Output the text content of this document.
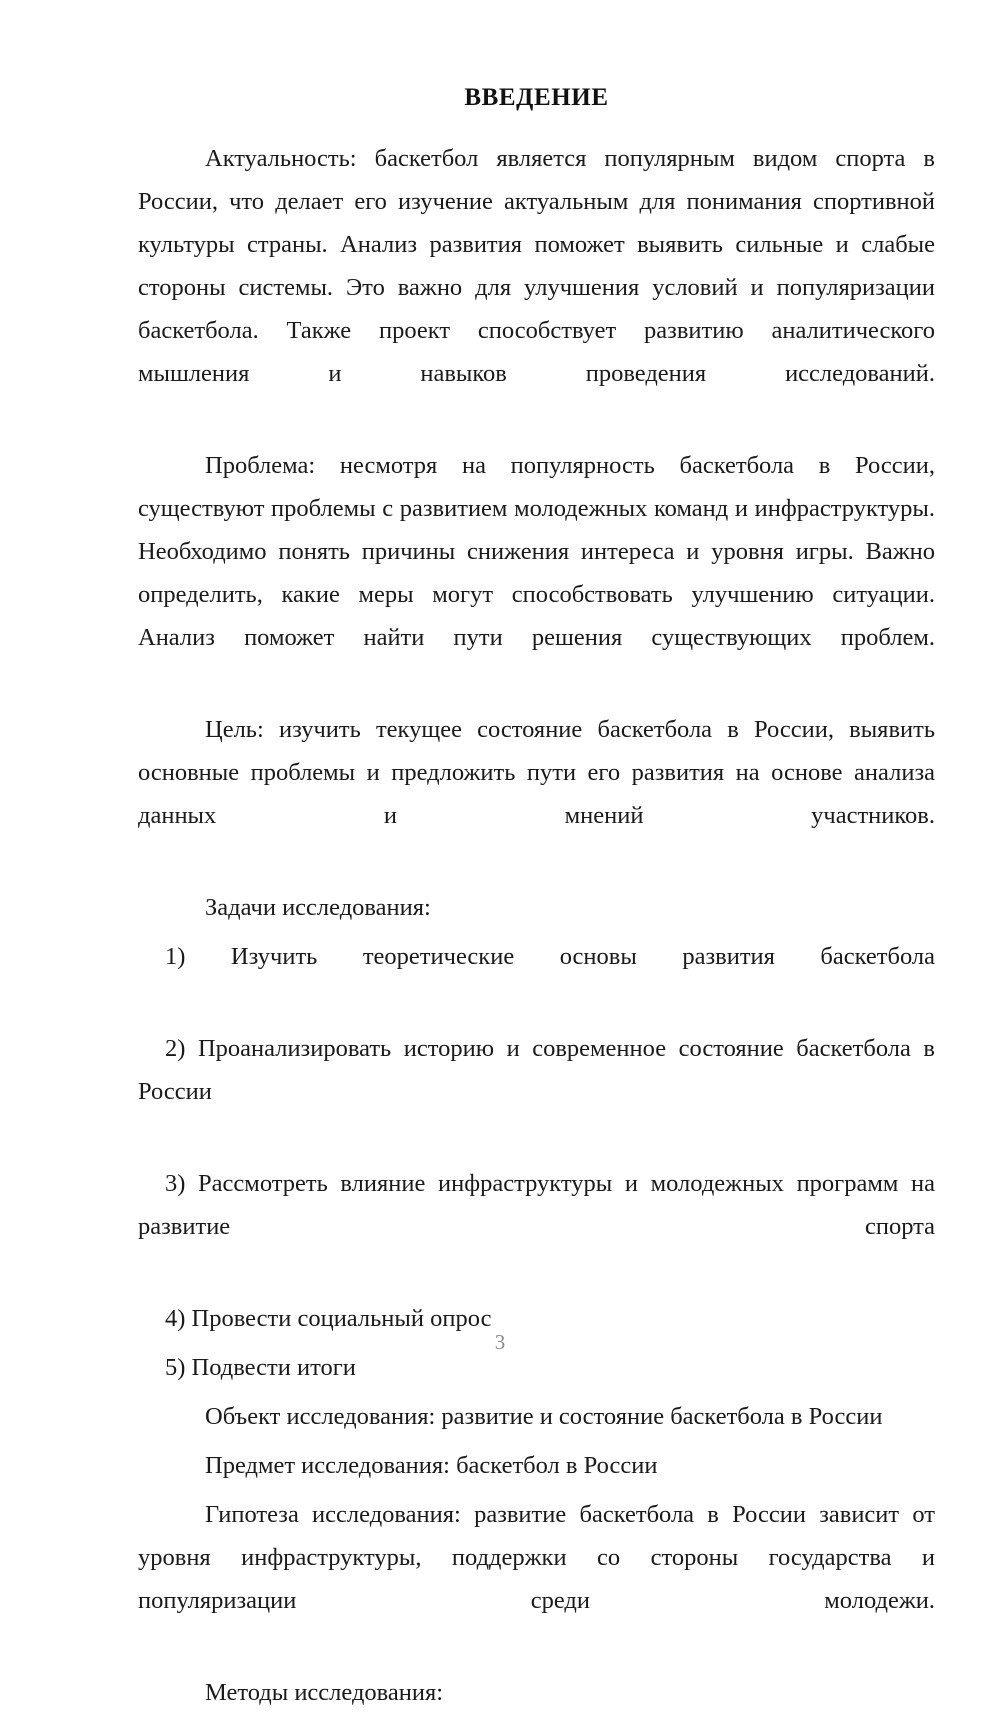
ВВЕДЕНИЕ

Актуальность: баскетбол является популярным видом спорта в России, что делает его изучение актуальным для понимания спортивной культуры страны. Анализ развития поможет выявить сильные и слабые стороны системы. Это важно для улучшения условий и популяризации баскетбола. Также проект способствует развитию аналитического мышления и навыков проведения исследований.

Проблема: несмотря на популярность баскетбола в России, существуют проблемы с развитием молодежных команд и инфраструктуры. Необходимо понять причины снижения интереса и уровня игры. Важно определить, какие меры могут способствовать улучшению ситуации. Анализ поможет найти пути решения существующих проблем.

Цель: изучить текущее состояние баскетбола в России, выявить основные проблемы и предложить пути его развития на основе анализа данных и мнений участников.

Задачи исследования:

1) Изучить теоретические основы развития баскетбола

2) Проанализировать историю и современное состояние баскетбола в России

3) Рассмотреть влияние инфраструктуры и молодежных программ на развитие спорта

4) Провести социальный опрос

5) Подвести итоги

Объект исследования: развитие и состояние баскетбола в России

Предмет исследования: баскетбол в России

Гипотеза исследования: развитие баскетбола в России зависит от уровня инфраструктуры, поддержки со стороны государства и популяризации среди молодежи.

Методы исследования:

3
